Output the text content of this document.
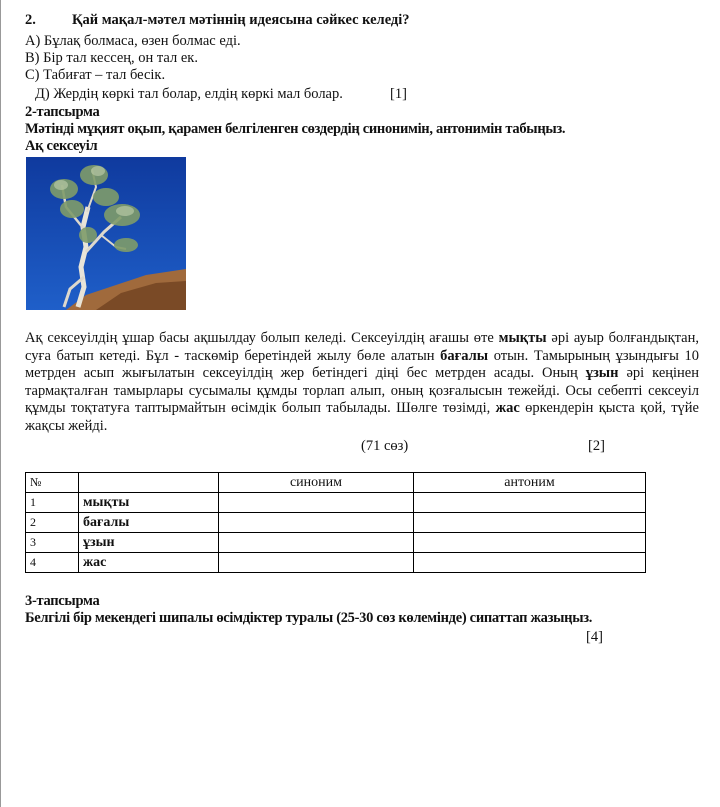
2. Қай мақал-мәтел мәтіннің идеясына сәйкес келеді?
A) Бұлақ болмаса, өзен болмас еді.
B) Бір тал кессең, он тал ек.
C) Табиғат – тал бесік.
Д) Жердің көркі тал болар, елдің көркі мал болар.	[1]
2-тапсырма
Мәтінді мұқият оқып, қарамен белгіленген сөздердің синонимін, антонимін табыңыз.
Ақ сексеуіл
Ақ сексеуілдің ұшар басы ақшылдау болып келеді. Сексеуілдің ағашы өте мықты әрі ауыр болғандықтан, суға батып кетеді. Бұл - таскөмір беретіндей жылу бөле алатын бағалы отын. Тамырының ұзындығы 10 метрден асып жығылатын сексеуілдің жер бетіндегі діңі бес метрден асады. Оның ұзын әрі кеңінен тармақталған тамырлары сусымалы құмды торлап алып, оның қозғалысын тежейді. Осы себепті сексеуіл құмды тоқтатуға таптырмайтын өсімдік болып табылады. Шөлге төзімді, жас өркендерін қыста қой, түйе жақсы жейді.
(71 сөз)	[2]
№		синоним	антоним
1	мықты		
2	бағалы		
3	ұзын		
4	жас		
3-тапсырма
Белгілі бір мекендегі шипалы өсімдіктер туралы (25-30 сөз көлемінде) сипаттап жазыңыз.
[4]
